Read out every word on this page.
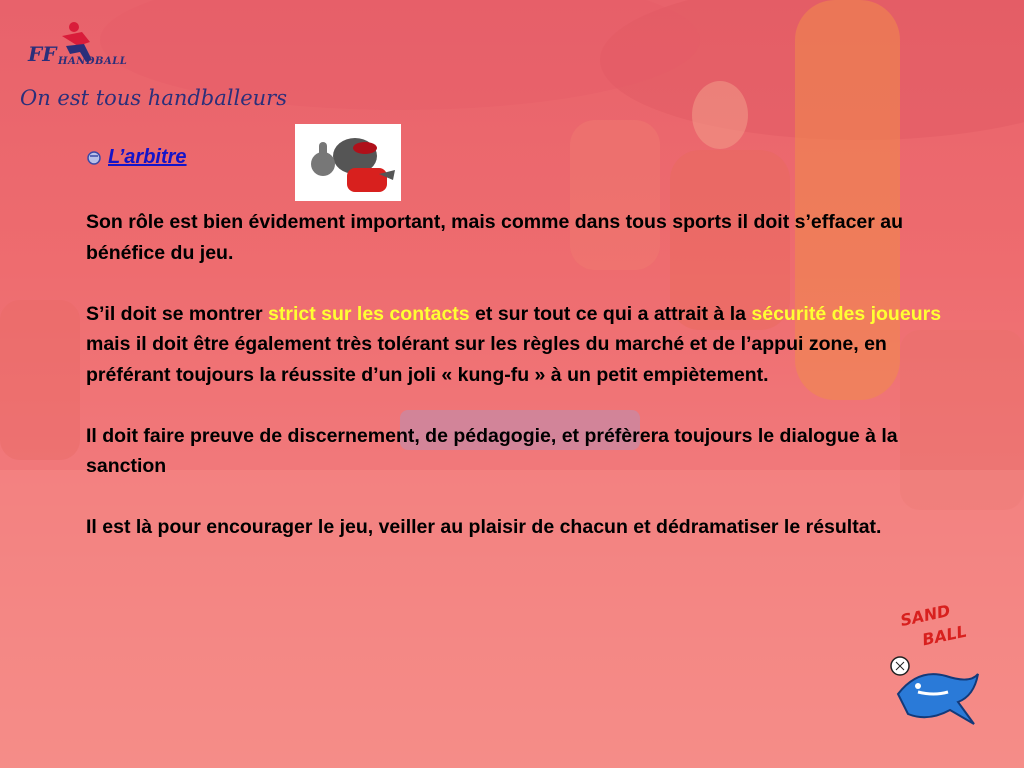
FF HANDBALL
On est tous handballeurs
L’arbitre

Son rôle est bien évidement important, mais comme dans tous sports il doit s’effacer au bénéfice du jeu.

S’il doit se montrer strict sur les contacts et sur tout ce qui a attrait à la sécurité des joueurs mais il doit être également très tolérant sur les règles du marché et de l’appui zone, en préférant toujours la réussite d’un joli « kung-fu » à un petit empiètement.

Il doit faire preuve de discernement, de pédagogie, et préfèrera toujours le dialogue à la sanction

Il est là pour encourager le jeu, veiller au plaisir de chacun et dédramatiser le résultat.

SAND
BALL
